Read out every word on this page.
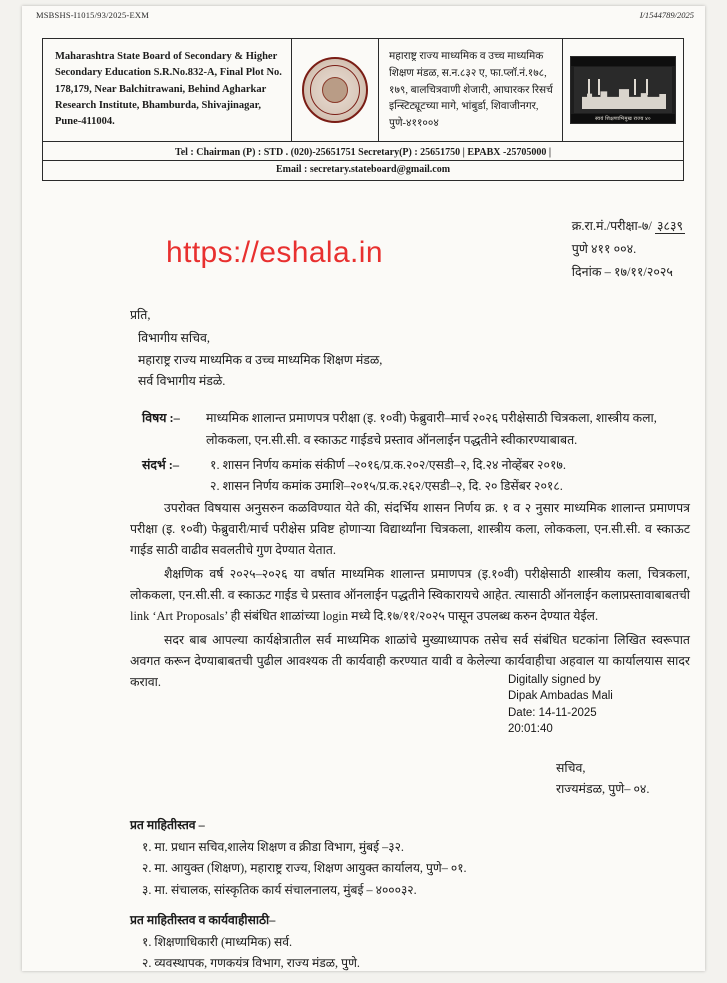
MSBSHS-I1015/93/2025-EXM	I/1544789/2025
Maharashtra State Board of Secondary & Higher Secondary Education S.R.No.832-A, Final Plot No. 178,179, Near Balchitrawani, Behind Agharkar Research Institute, Bhamburda, Shivajinagar, Pune-411004.
महाराष्ट्र राज्य माध्यमिक व उच्च माध्यमिक शिक्षण मंडळ, स.न.८३२ ए, फा.प्लॉ.नं.१७८, १७९, बालचित्रवाणी शेजारी, आघारकर रिसर्च इन्स्टिट्यूटच्या मागे, भांबुर्डा, शिवाजीनगर, पुणे-४११००४	स्वयं शिक्षणाभिमुख राज्य ४०
Tel : Chairman (P) : STD . (020)-25651751 Secretary(P) : 25651750 | EPABX -25705000 |
Email : secretary.stateboard@gmail.com
क्र.रा.मं./परीक्षा-७/ ३८३९
पुणे ४११ ००४.
दिनांक – १७/११/२०२५
https://eshala.in

प्रति,

विभागीय सचिव,
महाराष्ट्र राज्य माध्यमिक व उच्च माध्यमिक शिक्षण मंडळ,
सर्व विभागीय मंडळे.
विषय :–	माध्यमिक शालान्त प्रमाणपत्र परीक्षा (इ. १०वी) फेब्रुवारी–मार्च २०२६ परीक्षेसाठी चित्रकला, शास्त्रीय कला, लोककला, एन.सी.सी. व स्काऊट गाईडचे प्रस्ताव ऑनलाईन पद्धतीने स्वीकारण्याबाबत.
संदर्भ :–	१. शासन निर्णय कमांक संकीर्ण –२०१६/प्र.क.२०२/एसडी–२, दि.२४ नोव्हेंबर २०१७.
२. शासन निर्णय कमांक उमाशि–२०१५/प्र.क.२६२/एसडी–२, दि. २० डिसेंबर २०१८.

उपरोक्त विषयास अनुसरुन कळविण्यात येते की, संदर्भिय शासन निर्णय क्र. १ व २ नुसार माध्यमिक शालान्त प्रमाणपत्र परीक्षा (इ. १०वी) फेब्रुवारी/मार्च परीक्षेस प्रविष्ट होणाऱ्या विद्यार्थ्यांना चित्रकला, शास्त्रीय कला, लोककला, एन.सी.सी. व स्काऊट गाईड साठी वाढीव सवलतीचे गुण देण्यात येतात.

शैक्षणिक वर्ष २०२५–२०२६ या वर्षात माध्यमिक शालान्त प्रमाणपत्र (इ.१०वी) परीक्षेसाठी शास्त्रीय कला, चित्रकला, लोककला, एन.सी.सी. व स्काऊट गाईड चे प्रस्ताव ऑनलाईन पद्धतीने स्विकारायचे आहेत. त्यासाठी ऑनलाईन कलाप्रस्तावाबाबतची link ‘Art Proposals’ ही संबंधित शाळांच्या login मध्ये दि.१७/११/२०२५ पासून उपलब्ध करुन देण्यात येईल.

सदर बाब आपल्या कार्यक्षेत्रातील सर्व माध्यमिक शाळांचे मुख्याध्यापक तसेच सर्व संबंधित घटकांना लिखित स्वरूपात अवगत करून देण्याबाबतची पुढील आवश्यक ती कार्यवाही करण्यात यावी व केलेल्या कार्यवाहीचा अहवाल या कार्यालयास सादर करावा.	Digitally signed by
Dipak Ambadas Mali
Date: 14-11-2025
20:01:40
सचिव,
राज्यमंडळ, पुणे– ०४.
प्रत माहितीस्तव –
१. मा. प्रधान सचिव,शालेय शिक्षण व क्रीडा विभाग, मुंबई –३२.
२. मा. आयुक्त (शिक्षण), महाराष्ट्र राज्य, शिक्षण आयुक्त कार्यालय, पुणे– ०१.
३. मा. संचालक, सांस्कृतिक कार्य संचालनालय, मुंबई – ४०००३२.
प्रत माहितीस्तव व कार्यवाहीसाठी–
१. शिक्षणाधिकारी (माध्यमिक) सर्व.
२. व्यवस्थापक, गणकयंत्र विभाग, राज्य मंडळ, पुणे.
